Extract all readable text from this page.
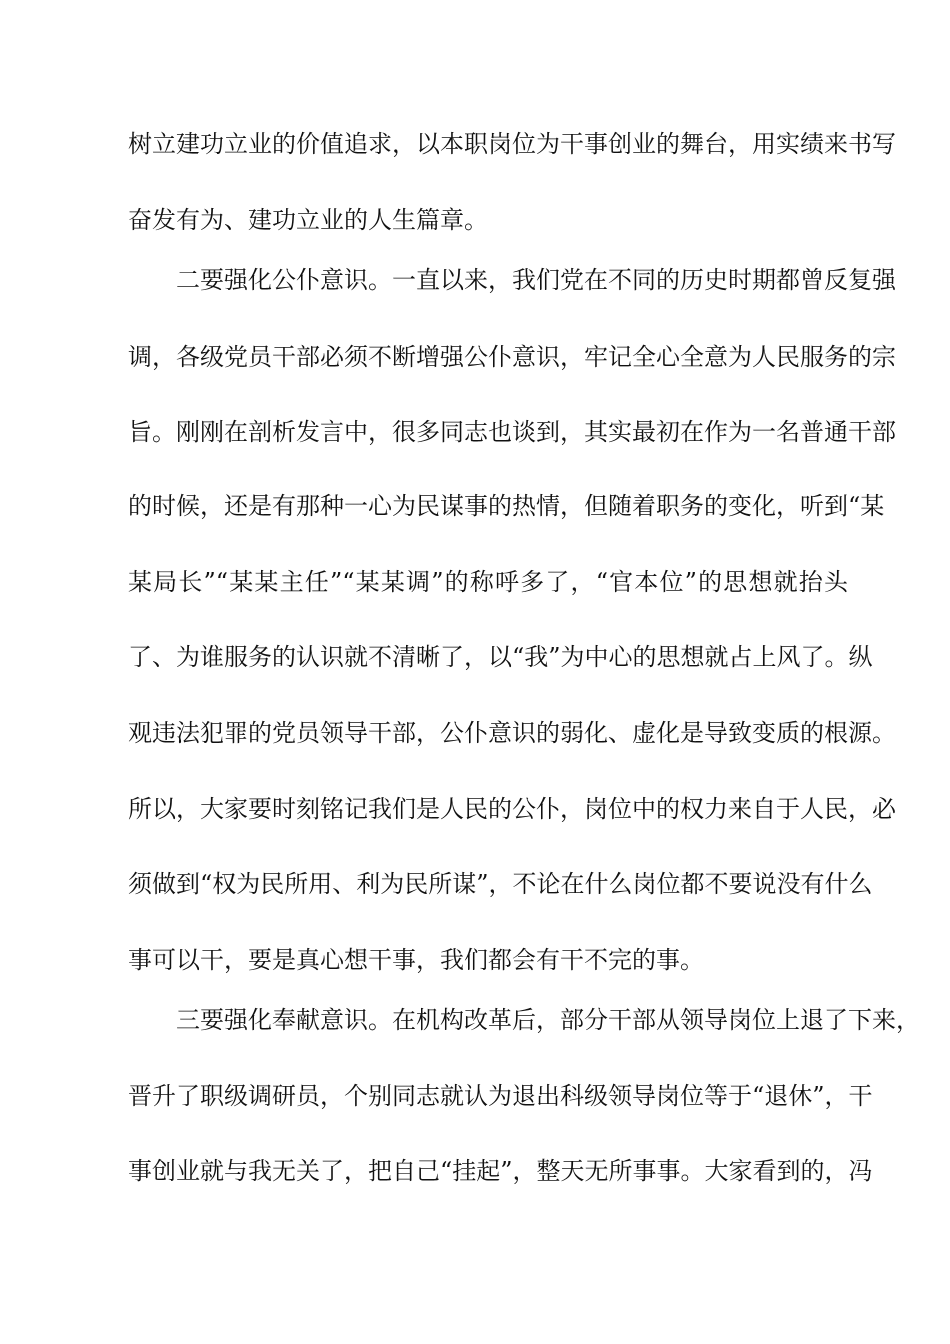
树立建功立业的价值追求，以本职岗位为干事创业的舞台，用实绩来书写
奋发有为、建功立业的人生篇章。
二要强化公仆意识。一直以来，我们党在不同的历史时期都曾反复强
调，各级党员干部必须不断增强公仆意识，牢记全心全意为人民服务的宗
旨。刚刚在剖析发言中，很多同志也谈到，其实最初在作为一名普通干部
的时候，还是有那种一心为民谋事的热情，但随着职务的变化，听到“某
某局长”“某某主任”“某某调”的称呼多了，“官本位”的思想就抬头
了、为谁服务的认识就不清晰了，以“我”为中心的思想就占上风了。纵
观违法犯罪的党员领导干部，公仆意识的弱化、虚化是导致变质的根源。
所以，大家要时刻铭记我们是人民的公仆，岗位中的权力来自于人民，必
须做到“权为民所用、利为民所谋”，不论在什么岗位都不要说没有什么
事可以干，要是真心想干事，我们都会有干不完的事。
三要强化奉献意识。在机构改革后，部分干部从领导岗位上退了下来，
晋升了职级调研员，个别同志就认为退出科级领导岗位等于“退休”，干
事创业就与我无关了，把自己“挂起”，整天无所事事。大家看到的，冯
